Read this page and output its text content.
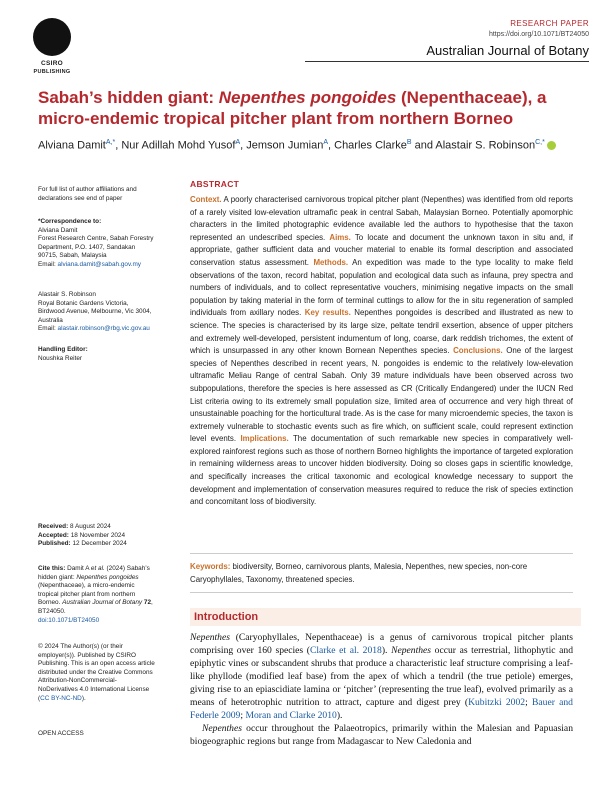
CSIRO
PUBLISHING
RESEARCH PAPER
https://doi.org/10.1071/BT24050
Australian Journal of Botany
Sabah’s hidden giant: Nepenthes pongoides (Nepenthaceae), a micro-endemic tropical pitcher plant from northern Borneo
Alviana Damit$^{A,*}$, Nur Adillah Mohd Yusof$^A$, Jemson Jumian$^A$, Charles Clarke$^B$ and Alastair S. Robinson$^{C,*}$
For full list of author affiliations and declarations see end of paper
*Correspondence to:
Alviana Damit
Forest Research Centre, Sabah Forestry Department, P.O. 1407, Sandakan 90715, Sabah, Malaysia
Email: alviana.damit@sabah.gov.my
Alastair S. Robinson
Royal Botanic Gardens Victoria, Birdwood Avenue, Melbourne, Vic 3004, Australia
Email: alastair.robinson@rbg.vic.gov.au
Handling Editor:
Noushka Reiter
Received: 8 August 2024
Accepted: 18 November 2024
Published: 12 December 2024
Cite this: Damit A et al. (2024) Sabah’s hidden giant: Nepenthes pongoides (Nepenthaceae), a micro-endemic tropical pitcher plant from northern Borneo. Australian Journal of Botany 72, BT24050.
doi:10.1071/BT24050
© 2024 The Author(s) (or their employer(s)). Published by CSIRO Publishing. This is an open access article distributed under the Creative Commons Attribution-NonCommercial-NoDerivatives 4.0 International License (CC BY-NC-ND).
OPEN ACCESS
ABSTRACT
Context. A poorly characterised carnivorous tropical pitcher plant (Nepenthes) was identified from old reports of a rarely visited low-elevation ultramafic peak in central Sabah, Malaysian Borneo. Potentially apomorphic characters in the limited photographic evidence available led the authors to hypothesise that the taxon represented an undescribed species. Aims. To locate and document the unknown taxon in situ and, if appropriate, gather sufficient data and voucher material to enable its formal description and associated conservation status assessment. Methods. An expedition was made to the type locality to make field observations of the taxon, record habitat, population and ecological data such as infauna, prey spectra and numbers of individuals, and to collect representative vouchers, minimising negative impacts on the small population by taking material in the form of terminal cuttings to allow for the in situ regeneration of sampled individuals from axillary nodes. Key results. Nepenthes pongoides is described and illustrated as new to science. The species is characterised by its large size, peltate tendril exsertion, absence of upper pitchers and extremely well-developed, persistent indumentum of long, coarse, dark reddish trichomes, the extent of which is unsurpassed in any other known Bornean Nepenthes species. Conclusions. One of the largest species of Nepenthes described in recent years, N. pongoides is endemic to the relatively low-elevation ultramafic Meliau Range of central Sabah. Only 39 mature individuals have been observed across two subpopulations, therefore the species is here assessed as CR (Critically Endangered) under the IUCN Red List criteria owing to its extremely small population size, limited area of occurrence and very high threat of unsustainable poaching for the horticultural trade. As is the case for many microendemic species, the taxon is extremely vulnerable to stochastic events such as fire which, on sufficient scale, could represent extinction level events. Implications. The documentation of such remarkable new species in comparatively well-explored rainforest regions such as those of northern Borneo highlights the importance of targeted exploration in remaining wilderness areas to uncover hidden biodiversity. Doing so closes gaps in scientific knowledge, and specifically increases the critical taxonomic and ecological knowledge necessary to support the development and implementation of conservation measures required to reduce the risk of species extinction and concomitant loss of biodiversity.
Keywords: biodiversity, Borneo, carnivorous plants, Malesia, Nepenthes, new species, non-core Caryophyllales, Taxonomy, threatened species.
Introduction

Nepenthes (Caryophyllales, Nepenthaceae) is a genus of carnivorous tropical pitcher plants comprising over 160 species (Clarke et al. 2018). Nepenthes occur as terrestrial, lithophytic and epiphytic vines or subscandent shrubs that produce a characteristic leaf structure comprising a leaf-like phyllode (modified leaf base) from the apex of which a tendril (the true petiole) emerges, giving rise to an epiascidiate lamina or ‘pitcher’ (representing the true leaf), evolved primarily as a means of heterotrophic nutrition to attract, capture and digest prey (Kubitzki 2002; Bauer and Federle 2009; Moran and Clarke 2010).

Nepenthes occur throughout the Palaeotropics, primarily within the Malesian and Papuasian biogeographic regions but range from Madagascar to New Caledonia and
